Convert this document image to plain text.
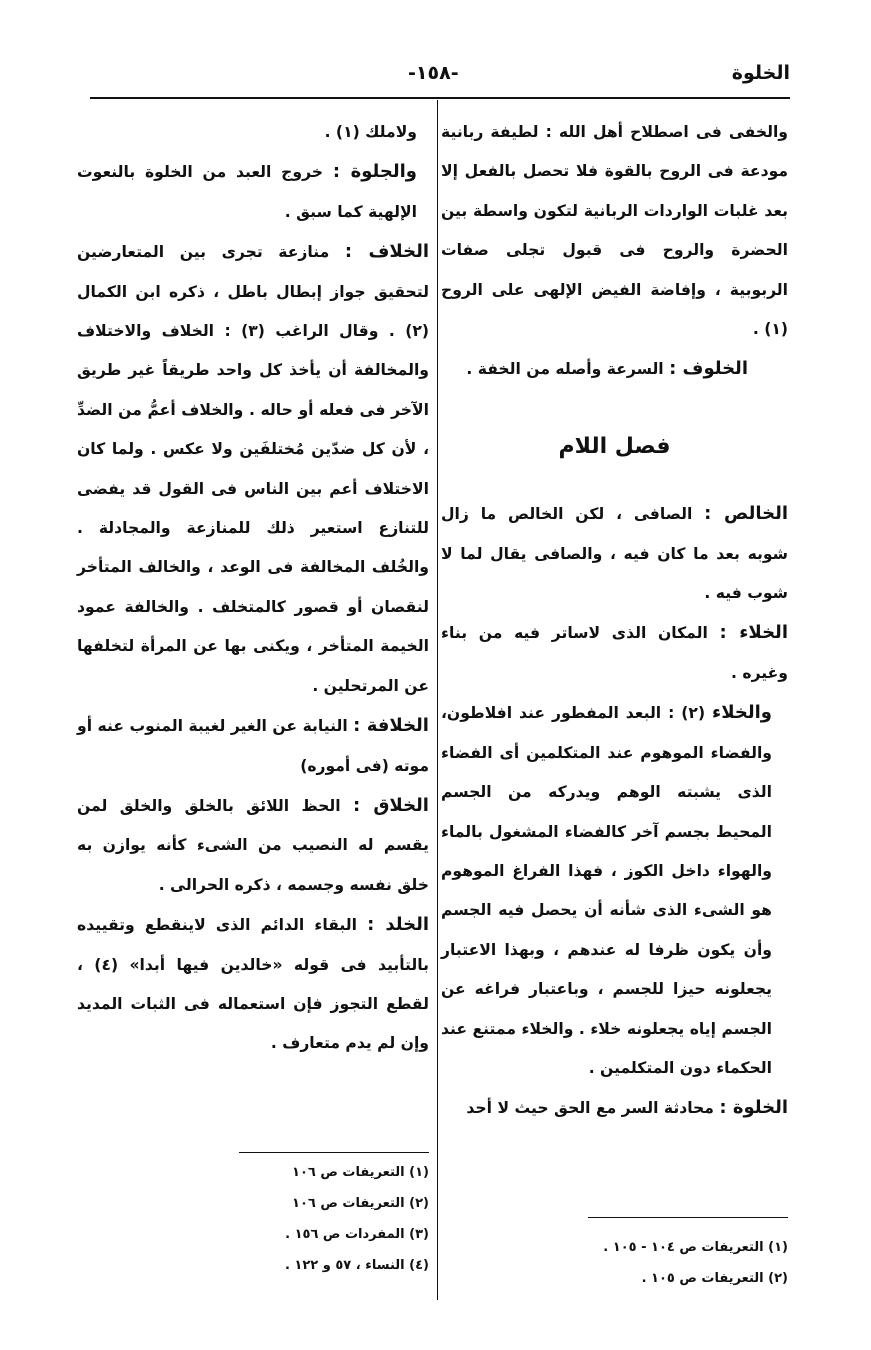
الخلوة
-١٥٨-

والخفى فى اصطلاح أهل الله : لطيفة ربانية مودعة فى الروح بالقوة فلا تحصل بالفعل إلا بعد غلبات الواردات الربانية لتكون واسطة بين الحضرة والروح فى قبول تجلى صفات الربوبية ، وإفاضة الفيض الإلهى على الروح (١) .

الخلوف : السرعة وأصله من الخفة .

فصل اللام

الخالص : الصافى ، لكن الخالص ما زال شوبه بعد ما كان فيه ، والصافى يقال لما لا شوب فيه .

الخلاء : المكان الذى لاساتر فيه من بناء وغيره .

والخلاء (٢) : البعد المفطور عند افلاطون، والفضاء الموهوم عند المتكلمين أى الفضاء الذى يشبته الوهم ويدركه من الجسم المحيط بجسم آخر كالفضاء المشغول بالماء والهواء داخل الكوز ، فهذا الفراغ الموهوم هو الشىء الذى شأنه أن يحصل فيه الجسم وأن يكون ظرفا له عندهم ، وبهذا الاعتبار يجعلونه حيزا للجسم ، وباعتبار فراغه عن الجسم إياه يجعلونه خلاء . والخلاء ممتنع عند الحكماء دون المتكلمين .

الخلوة : محادثة السر مع الحق حيث لا أحد

(١) التعريفات ص ١٠٤ - ١٠٥ .
(٢) التعريفات ص ١٠٥ .

ولاملك (١) .

والجلوة : خروج العبد من الخلوة بالنعوت الإلهية كما سبق .

الخلاف : منازعة تجرى بين المتعارضين لتحقيق جواز إبطال باطل ، ذكره ابن الكمال (٢) . وقال الراغب (٣) : الخلاف والاختلاف والمخالفة أن يأخذ كل واحد طريقاً غير طريق الآخر فى فعله أو حاله . والخلاف أعمُّ من الضدِّ ، لأن كل ضدّين مُختلفَين ولا عكس . ولما كان الاختلاف أعم بين الناس فى القول قد يفضى للتنازع استعير ذلك للمنازعة والمجادلة . والخُلف المخالفة فى الوعد ، والخالف المتأخر لنقصان أو قصور كالمتخلف . والخالفة عمود الخيمة المتأخر ، ويكنى بها عن المرأة لتخلفها عن المرتحلين .

الخلافة : النيابة عن الغير لغيبة المنوب عنه أو موته (فى أموره)

الخلاق : الحظ اللائق بالخلق والخلق لمن يقسم له النصيب من الشىء كأنه يوازن به خلق نفسه وجسمه ، ذكره الحرالى .

الخلد : البقاء الدائم الذى لاينقطع وتقييده بالتأبيد فى قوله «خالدين فيها أبدا» (٤) ، لقطع التجوز فإن استعماله فى الثبات المديد وإن لم يدم متعارف .

(١) التعريفات ص ١٠٦
(٢) التعريفات ص ١٠٦
(٣) المفردات ص ١٥٦ .
(٤) النساء ، ٥٧ و ١٢٢ .
